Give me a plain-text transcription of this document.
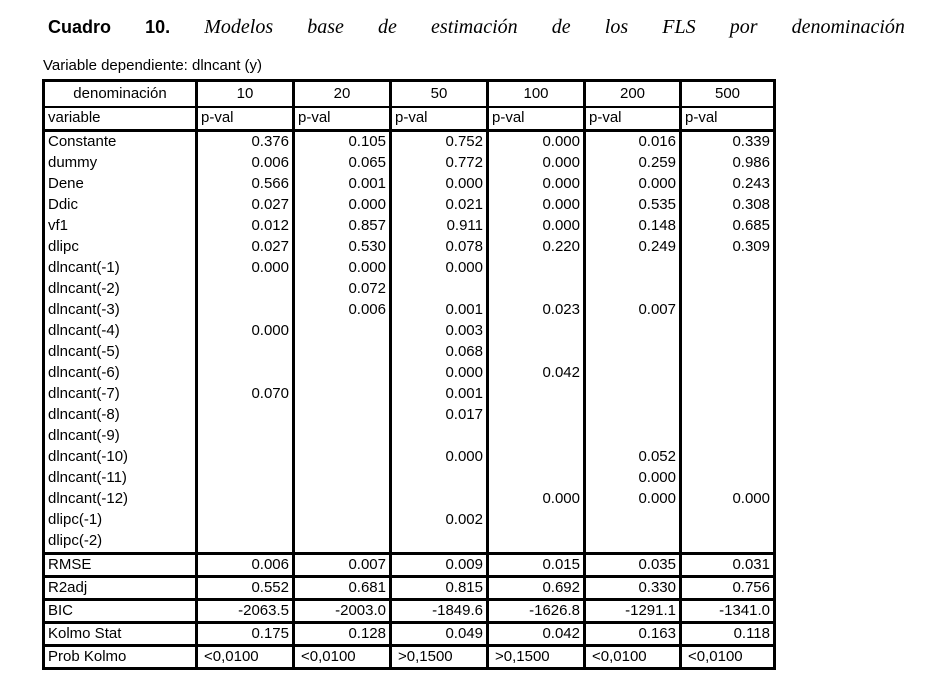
Cuadro 10. Modelos base de estimación de los FLS por denominación
Variable dependiente: dlncant (y)
denominación	10	20	50	100	200	500
variable	p-val	p-val	p-val	p-val	p-val	p-val
Constante	0.376	0.105	0.752	0.000	0.016	0.339
dummy	0.006	0.065	0.772	0.000	0.259	0.986
Dene	0.566	0.001	0.000	0.000	0.000	0.243
Ddic	0.027	0.000	0.021	0.000	0.535	0.308
vf1	0.012	0.857	0.911	0.000	0.148	0.685
dlipc	0.027	0.530	0.078	0.220	0.249	0.309
dlncant(-1)	0.000	0.000	0.000			
dlncant(-2)		0.072				
dlncant(-3)		0.006	0.001	0.023	0.007	
dlncant(-4)	0.000		0.003			
dlncant(-5)			0.068			
dlncant(-6)			0.000	0.042		
dlncant(-7)	0.070		0.001			
dlncant(-8)			0.017			
dlncant(-9)						
dlncant(-10)			0.000		0.052	
dlncant(-11)					0.000	
dlncant(-12)				0.000	0.000	0.000
dlipc(-1)			0.002			
dlipc(-2)						
RMSE	0.006	0.007	0.009	0.015	0.035	0.031
R2adj	0.552	0.681	0.815	0.692	0.330	0.756
BIC	-2063.5	-2003.0	-1849.6	-1626.8	-1291.1	-1341.0
Kolmo Stat	0.175	0.128	0.049	0.042	0.163	0.118
Prob Kolmo	<0,0100	<0,0100	>0,1500	>0,1500	<0,0100	<0,0100
